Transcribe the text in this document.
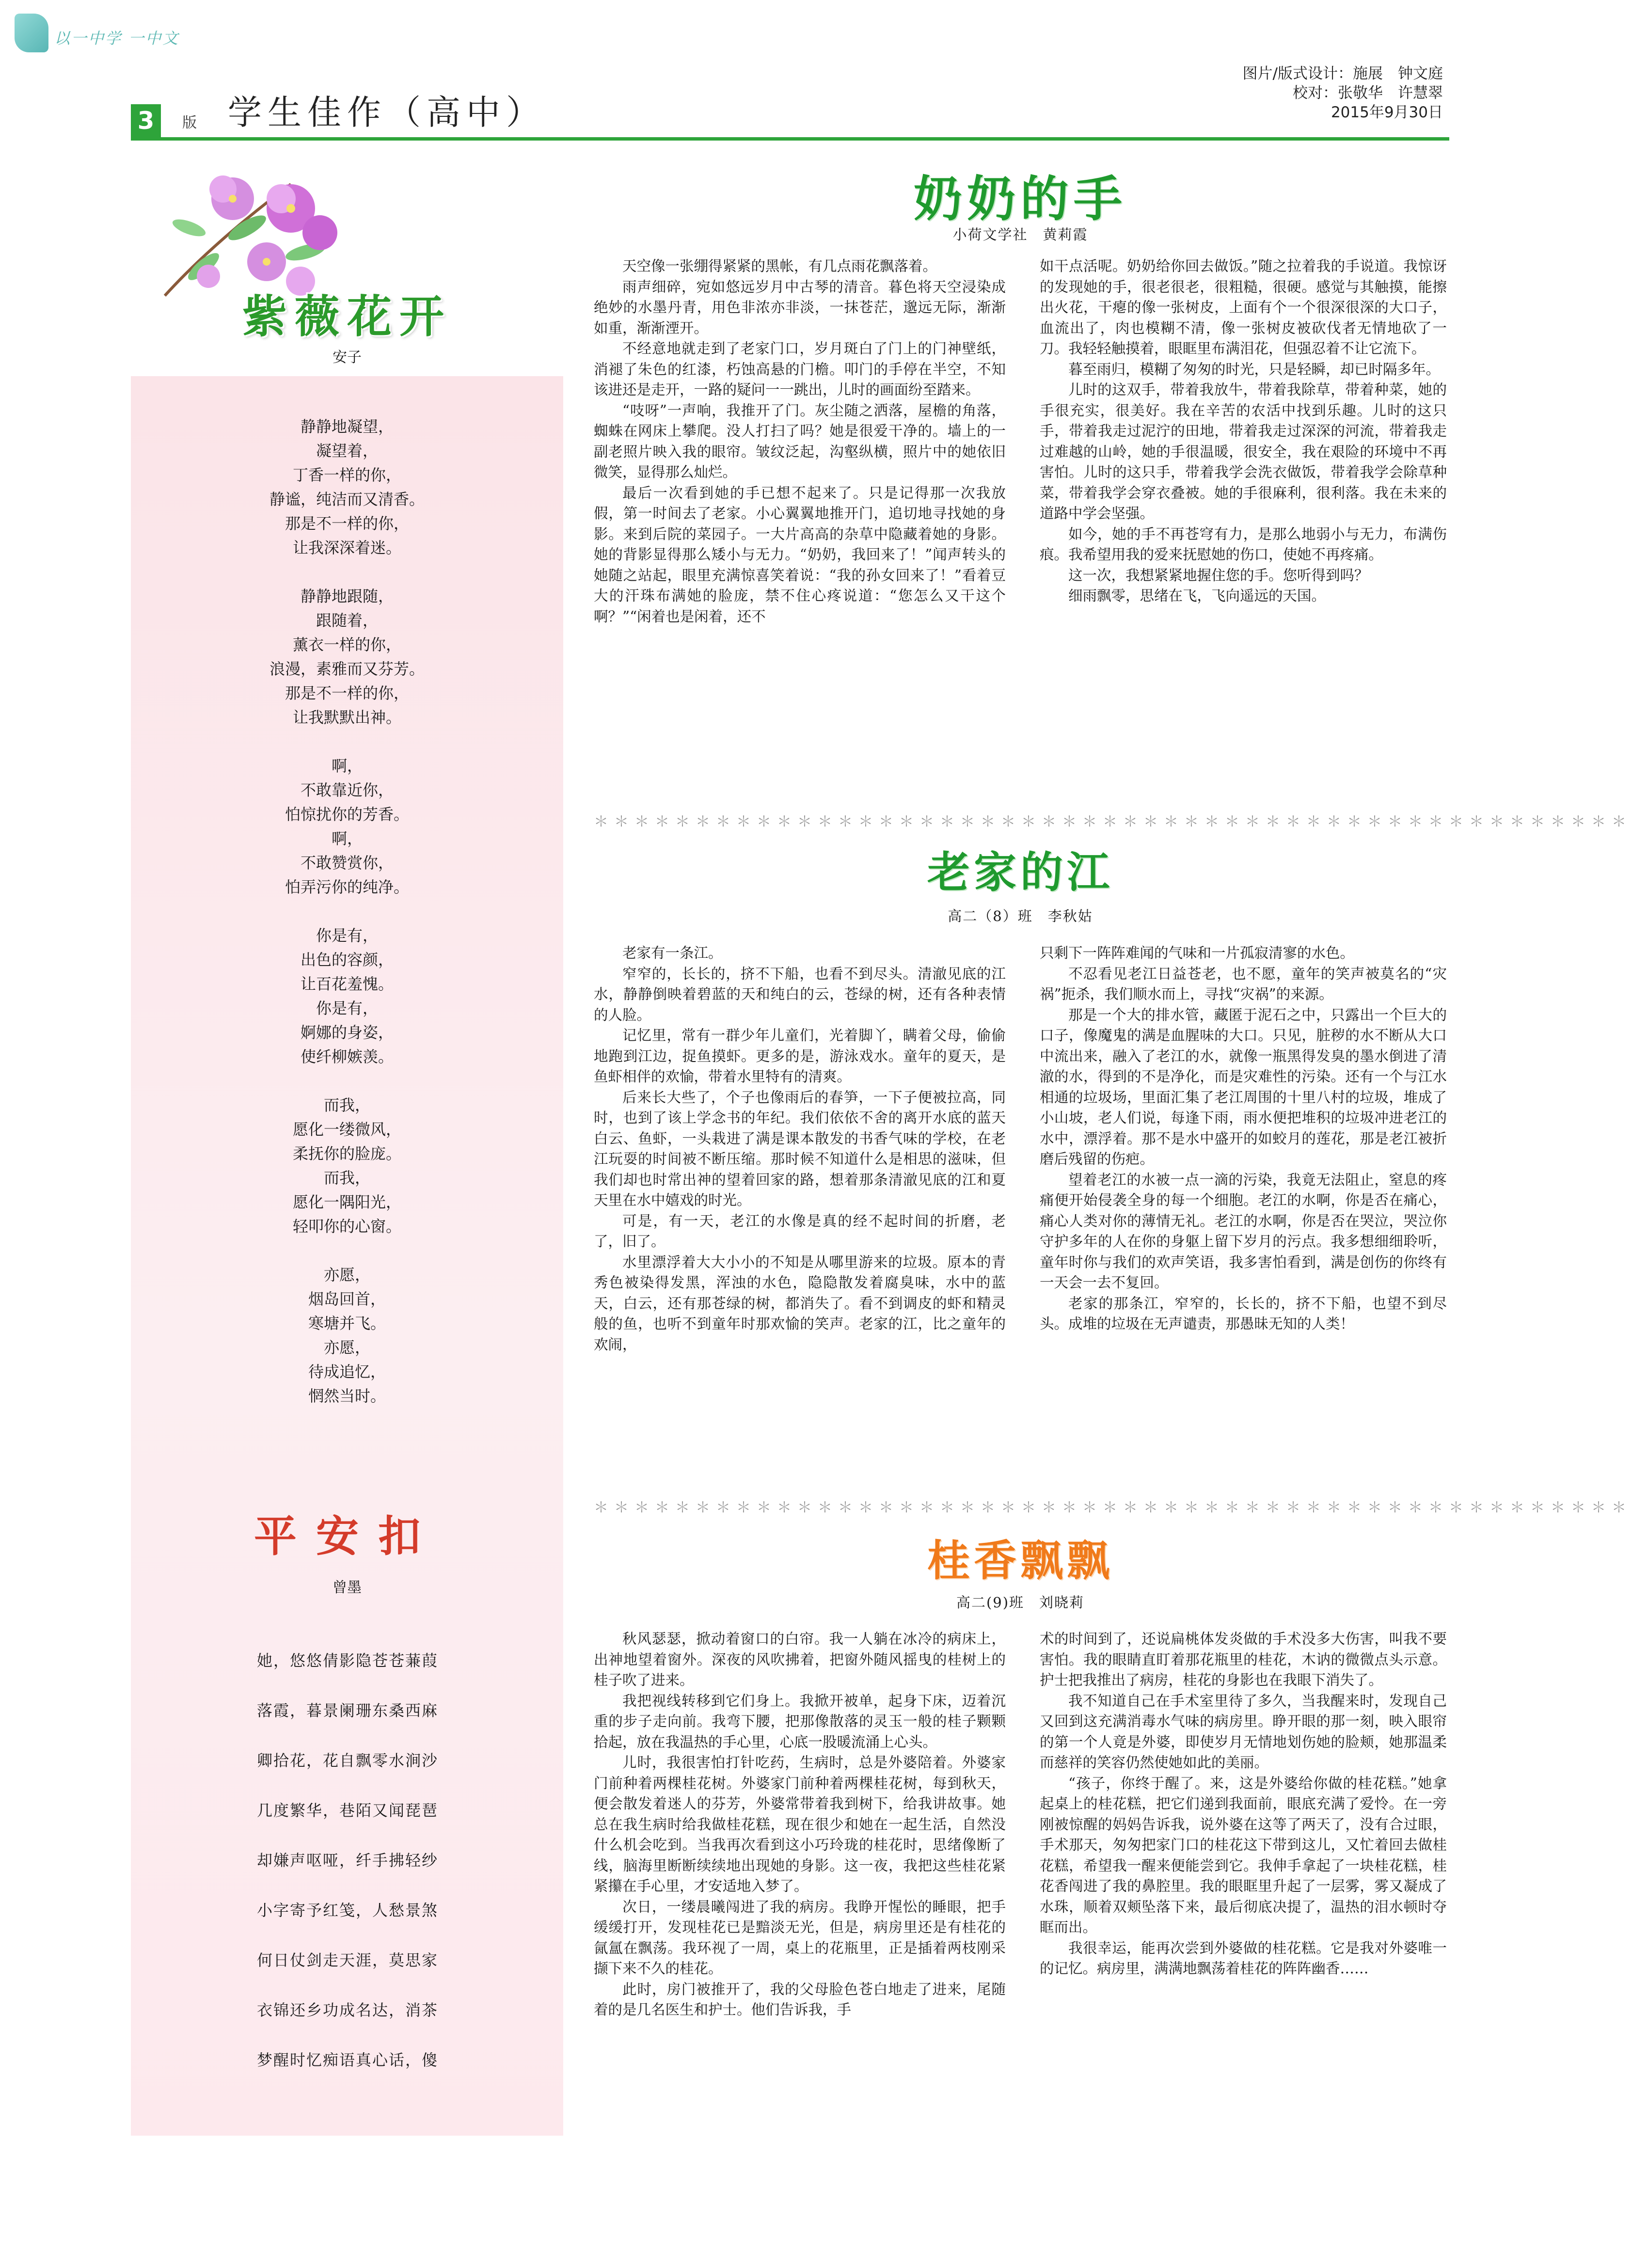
以一中学 一中文
3	版 学生佳作（高中）
图片/版式设计：施展　钟文庭
校对：张敬华　许慧翠
2015年9月30日
紫薇花开
安子
静静地凝望，
凝望着，
丁香一样的你，
静谧，纯洁而又清香。
那是不一样的你，
让我深深着迷。
静静地跟随，
跟随着，
薰衣一样的你，
浪漫，素雅而又芬芳。
那是不一样的你，
让我默默出神。
啊，
不敢靠近你，
怕惊扰你的芳香。
啊，
不敢赞赏你，
怕弄污你的纯净。
你是有，
出色的容颜，
让百花羞愧。
你是有，
婀娜的身姿，
使纤柳嫉羡。
而我，
愿化一缕微风，
柔抚你的脸庞。
而我，
愿化一隅阳光，
轻叩你的心窗。
亦愿，
烟岛回首，
寒塘并飞。
亦愿，
待成追忆，
惘然当时。
平安扣
曾墨
她，悠悠倩影隐苍苍蒹葭
落霞，暮景阑珊东桑西麻
卿拾花，花自飘零水涧沙
几度繁华，巷陌又闻琵琶
却嫌声呕哑，纤手拂轻纱
小字寄予红笺，人愁景煞
何日仗剑走天涯，莫思家
衣锦还乡功成名达，消茶
梦醒时忆痴语真心话，傻
奶奶的手
小荷文学社　黄莉霞

天空像一张绷得紧紧的黑帐，有几点雨花飘落着。

雨声细碎，宛如悠远岁月中古琴的清音。暮色将天空浸染成绝妙的水墨丹青，用色非浓亦非淡，一抹苍茫，邈远无际，渐渐如重，渐渐湮开。

不经意地就走到了老家门口，岁月斑白了门上的门神壁纸，消褪了朱色的红漆，朽蚀高悬的门檐。叩门的手停在半空，不知该进还是走开，一路的疑问一一跳出，儿时的画面纷至踏来。

“吱呀”一声响，我推开了门。灰尘随之洒落，屋檐的角落，蜘蛛在网床上攀爬。没人打扫了吗？她是很爱干净的。墙上的一副老照片映入我的眼帘。皱纹泛起，沟壑纵横，照片中的她依旧微笑，显得那么灿烂。

最后一次看到她的手已想不起来了。只是记得那一次我放假，第一时间去了老家。小心翼翼地推开门，追切地寻找她的身影。来到后院的菜园子。一大片高高的杂草中隐藏着她的身影。她的背影显得那么矮小与无力。“奶奶，我回来了！”闻声转头的她随之站起，眼里充满惊喜笑着说：“我的孙女回来了！”看着豆大的汗珠布满她的脸庞，禁不住心疼说道：“您怎么又干这个啊？”“闲着也是闲着，还不

如干点活呢。奶奶给你回去做饭。”随之拉着我的手说道。我惊讶的发现她的手，很老很老，很粗糙，很硬。感觉与其触摸，能擦出火花，干瘪的像一张树皮，上面有个一个很深很深的大口子，血流出了，肉也模糊不清，像一张树皮被砍伐者无情地砍了一刀。我轻轻触摸着，眼眶里布满泪花，但强忍着不让它流下。

暮至雨归，模糊了匆匆的时光，只是轻瞬，却已时隔多年。

儿时的这双手，带着我放牛，带着我除草，带着种菜，她的手很充实，很美好。我在辛苦的农活中找到乐趣。儿时的这只手，带着我走过泥泞的田地，带着我走过深深的河流，带着我走过难越的山岭，她的手很温暖，很安全，我在艰险的环境中不再害怕。儿时的这只手，带着我学会洗衣做饭，带着我学会除草种菜，带着我学会穿衣叠被。她的手很麻利，很利落。我在未来的道路中学会坚强。

如今，她的手不再苍穹有力，是那么地弱小与无力，布满伤痕。我希望用我的爱来抚慰她的伤口，使她不再疼痛。

这一次，我想紧紧地握住您的手。您听得到吗？

细雨飘零，思绪在飞，飞向遥远的天国。

＊＊＊＊＊＊＊＊＊＊＊＊＊＊＊＊＊＊＊＊＊＊＊＊＊＊＊＊＊＊＊＊＊＊＊＊＊＊＊＊＊＊＊＊＊＊＊＊＊＊＊
老家的江
高二（8）班　李秋姑

老家有一条江。

窄窄的，长长的，挤不下船，也看不到尽头。清澈见底的江水，静静倒映着碧蓝的天和纯白的云，苍绿的树，还有各种表情的人脸。

记忆里，常有一群少年儿童们，光着脚丫，瞒着父母，偷偷地跑到江边，捉鱼摸虾。更多的是，游泳戏水。童年的夏天，是鱼虾相伴的欢愉，带着水里特有的清爽。

后来长大些了，个子也像雨后的春笋，一下子便被拉高，同时，也到了该上学念书的年纪。我们依依不舍的离开水底的蓝天白云、鱼虾，一头栽进了满是课本散发的书香气味的学校，在老江玩耍的时间被不断压缩。那时候不知道什么是相思的滋味，但我们却也时常出神的望着回家的路，想着那条清澈见底的江和夏天里在水中嬉戏的时光。

可是，有一天，老江的水像是真的经不起时间的折磨，老了，旧了。

水里漂浮着大大小小的不知是从哪里游来的垃圾。原本的青秀色被染得发黑，浑浊的水色，隐隐散发着腐臭味，水中的蓝天，白云，还有那苍绿的树，都消失了。看不到调皮的虾和精灵般的鱼，也听不到童年时那欢愉的笑声。老家的江，比之童年的欢闹，

只剩下一阵阵难闻的气味和一片孤寂清寥的水色。

不忍看见老江日益苍老，也不愿，童年的笑声被莫名的“灾祸”扼杀，我们顺水而上，寻找“灾祸”的来源。

那是一个大的排水管，藏匿于泥石之中，只露出一个巨大的口子，像魔鬼的满是血腥味的大口。只见，脏秽的水不断从大口中流出来，融入了老江的水，就像一瓶黑得发臭的墨水倒进了清澈的水，得到的不是净化，而是灾难性的污染。还有一个与江水相通的垃圾场，里面汇集了老江周围的十里八村的垃圾，堆成了小山坡，老人们说，每逢下雨，雨水便把堆积的垃圾冲进老江的水中，漂浮着。那不是水中盛开的如蛟月的莲花，那是老江被折磨后残留的伤疤。

望着老江的水被一点一滴的污染，我竟无法阻止，窒息的疼痛便开始侵袭全身的每一个细胞。老江的水啊，你是否在痛心，痛心人类对你的薄情无礼。老江的水啊，你是否在哭泣，哭泣你守护多年的人在你的身躯上留下岁月的污点。我多想细细聆听，童年时你与我们的欢声笑语，我多害怕看到，满是创伤的你终有一天会一去不复回。

老家的那条江，窄窄的，长长的，挤不下船，也望不到尽头。成堆的垃圾在无声谴责，那愚昧无知的人类！

＊＊＊＊＊＊＊＊＊＊＊＊＊＊＊＊＊＊＊＊＊＊＊＊＊＊＊＊＊＊＊＊＊＊＊＊＊＊＊＊＊＊＊＊＊＊＊＊＊＊＊
桂香飘飘
高二(9)班　刘晓莉

秋风瑟瑟，掀动着窗口的白帘。我一人躺在冰冷的病床上，出神地望着窗外。深夜的风吹拂着，把窗外随风摇曳的桂树上的桂子吹了进来。

我把视线转移到它们身上。我掀开被单，起身下床，迈着沉重的步子走向前。我弯下腰，把那像散落的灵玉一般的桂子颗颗拾起，放在我温热的手心里，心底一股暖流涌上心头。

儿时，我很害怕打针吃药，生病时，总是外婆陪着。外婆家门前种着两棵桂花树。外婆家门前种着两棵桂花树，每到秋天，便会散发着迷人的芬芳，外婆常带着我到树下，给我讲故事。她总在我生病时给我做桂花糕，现在很少和她在一起生活，自然没什么机会吃到。当我再次看到这小巧玲珑的桂花时，思绪像断了线，脑海里断断续续地出现她的身影。这一夜，我把这些桂花紧紧攥在手心里，才安适地入梦了。

次日，一缕晨曦闯进了我的病房。我睁开惺忪的睡眼，把手缓缓打开，发现桂花已是黯淡无光，但是，病房里还是有桂花的氤氲在飘荡。我环视了一周，桌上的花瓶里，正是插着两枝刚采撷下来不久的桂花。

此时，房门被推开了，我的父母脸色苍白地走了进来，尾随着的是几名医生和护士。他们告诉我，手

术的时间到了，还说扁桃体发炎做的手术没多大伤害，叫我不要害怕。我的眼睛直盯着那花瓶里的桂花，木讷的微微点头示意。护士把我推出了病房，桂花的身影也在我眼下消失了。

我不知道自己在手术室里待了多久，当我醒来时，发现自己又回到这充满消毒水气味的病房里。睁开眼的那一刻，映入眼帘的第一个人竟是外婆，即使岁月无情地划伤她的脸颊，她那温柔而慈祥的笑容仍然使她如此的美丽。

“孩子，你终于醒了。来，这是外婆给你做的桂花糕。”她拿起桌上的桂花糕，把它们递到我面前，眼底充满了爱怜。在一旁刚被惊醒的妈妈告诉我，说外婆在这等了两天了，没有合过眼，手术那天，匆匆把家门口的桂花这下带到这儿，又忙着回去做桂花糕，希望我一醒来便能尝到它。我伸手拿起了一块桂花糕，桂花香闯进了我的鼻腔里。我的眼眶里升起了一层雾，雾又凝成了水珠，顺着双颊坠落下来，最后彻底决提了，温热的泪水顿时夺眶而出。

我很幸运，能再次尝到外婆做的桂花糕。它是我对外婆唯一的记忆。病房里，满满地飘荡着桂花的阵阵幽香……
